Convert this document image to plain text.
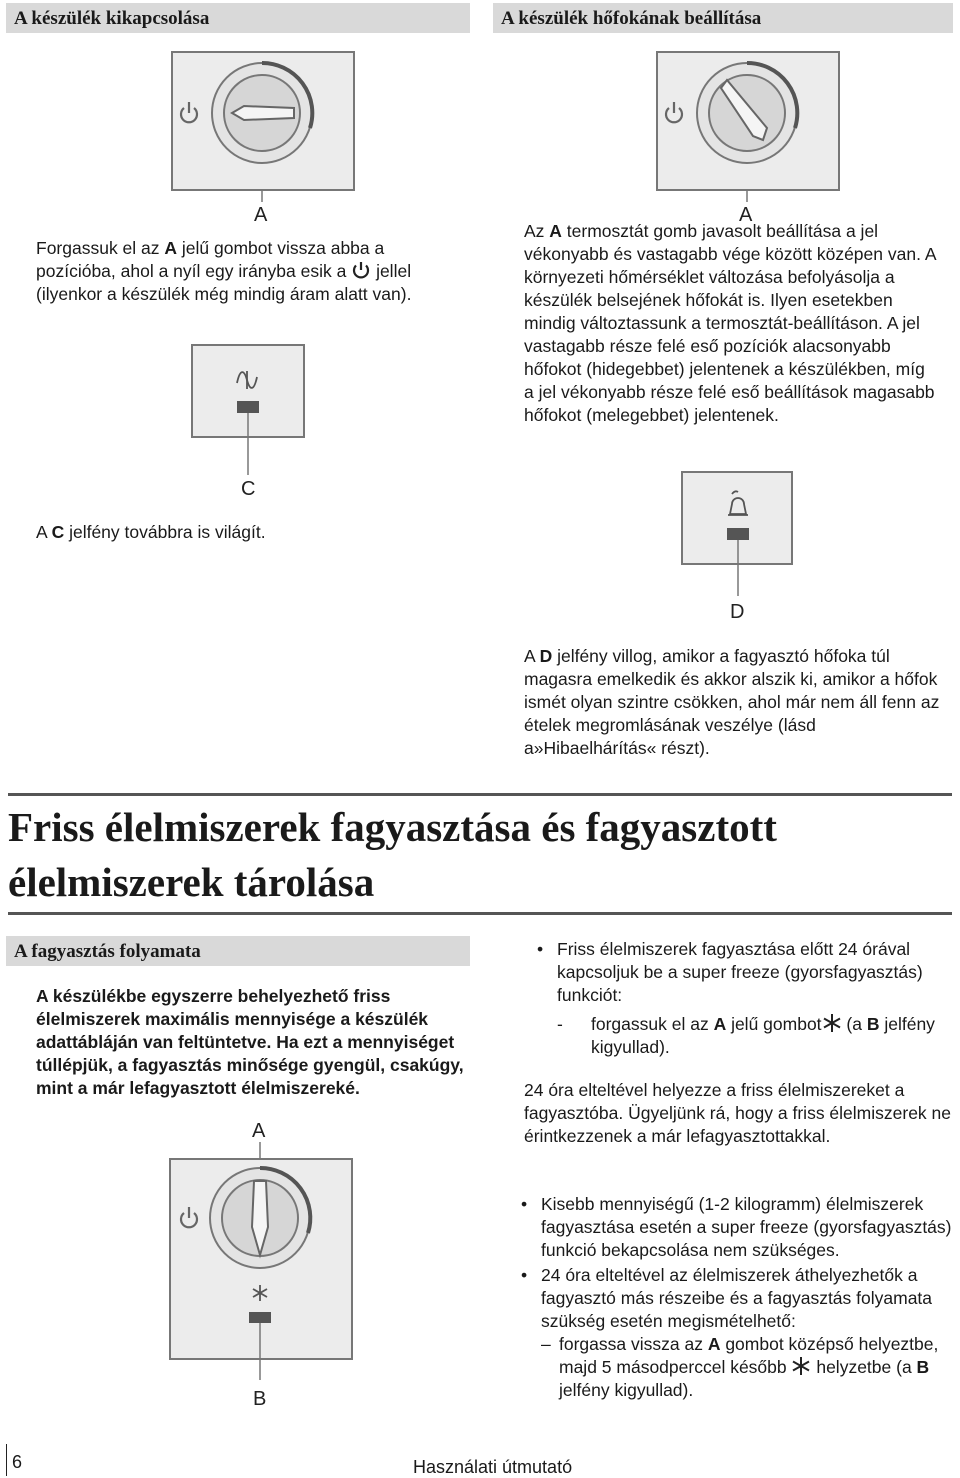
A készülék kikapcsolása	A készülék hőfokának beállítása
A	A
Forgassuk el az A jelű gombot vissza abba a pozícióba, ahol a nyíl egy irányba esik a  jellel (ilyenkor a készülék még mindig áram alatt van).
Az A termosztát gomb javasolt beállítása a jel vékonyabb és vastagabb vége között középen van. A környezeti hőmérséklet változása befolyásolja a készülék belsejének hőfokát is. Ilyen esetekben mindig változtassunk a termosztát-beállításon. A jel vastagabb része felé eső pozíciók alacsonyabb hőfokot (hidegebbet) jelentenek a készülékben, míg a jel vékonyabb része felé eső beállítások magasabb hőfokot (melegebbet) jelentenek.
C
A C jelfény továbbra is világít.
D
A D jelfény villog, amikor a fagyasztó hőfoka túl magasra emelkedik és akkor alszik ki, amikor a hőfok ismét olyan szintre csökken, ahol már nem áll fenn az ételek megromlásának veszélye (lásd a»Hibaelhárítás« részt).
Friss élelmiszerek fagyasztása és fagyasztott élelmiszerek tárolása
A fagyasztás folyamata
A készülékbe egyszerre behelyezhető friss élelmiszerek maximális mennyisége a készülék adattábláján van feltüntetve. Ha ezt a mennyiséget túllépjük, a fagyasztás minősége gyengül, csakúgy, mint a már lefagyasztott élelmiszereké.
A
B
• Friss élelmiszerek fagyasztása előtt 24 órával kapcsoljuk be a super freeze (gyorsfagyasztás) funkciót:
- forgassuk el az A jelű gombot (a B jelfény kigyullad).
24 óra elteltével helyezze a friss élelmiszereket a fagyasztóba. Ügyeljünk rá, hogy a friss élelmiszerek ne érintkezzenek a már lefagyasztottakkal.
• Kisebb mennyiségű (1-2 kilogramm) élelmiszerek fagyasztása esetén a super freeze (gyorsfagyasztás) funkció bekapcsolása nem szükséges.
• 24 óra elteltével az élelmiszerek áthelyezhetők a fagyasztó más részeibe és a fagyasztás folyamata szükség esetén megismételhető:
– forgassa vissza az A gombot középső helyeztbe, majd 5 másodperccel később  helyzetbe (a B jelfény kigyullad).
6	Használati útmutató
